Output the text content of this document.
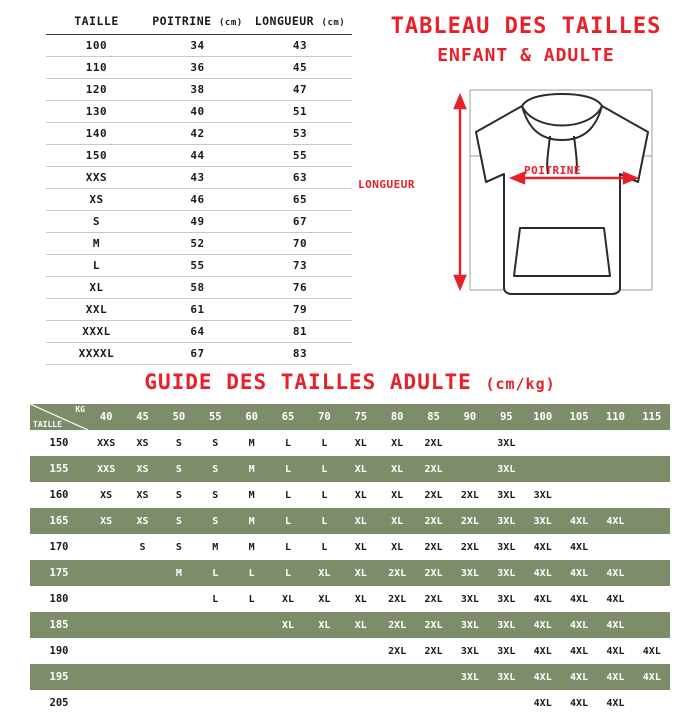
TAILLE	POITRINE (cm)	LONGUEUR (cm)
100	34	43
110	36	45
120	38	47
130	40	51
140	42	53
150	44	55
XXS	43	63
XS	46	65
S	49	67
M	52	70
L	55	73
XL	58	76
XXL	61	79
XXXL	64	81
XXXXL	67	83
TABLEAU DES TAILLES
ENFANT & ADULTE
LONGUEUR
POITRINE
GUIDE DES TAILLES ADULTE (cm/kg)
KG
TAILLE	40	45	50	55	60	65	70	75	80	85	90	95	100	105	110	115
150	XXS	XS	S	S	M	L	L	XL	XL	2XL		3XL				
155	XXS	XS	S	S	M	L	L	XL	XL	2XL		3XL				
160	XS	XS	S	S	M	L	L	XL	XL	2XL	2XL	3XL	3XL			
165	XS	XS	S	S	M	L	L	XL	XL	2XL	2XL	3XL	3XL	4XL	4XL	
170		S	S	M	M	L	L	XL	XL	2XL	2XL	3XL	4XL	4XL		
175			M	L	L	L	XL	XL	2XL	2XL	3XL	3XL	4XL	4XL	4XL	
180				L	L	XL	XL	XL	2XL	2XL	3XL	3XL	4XL	4XL	4XL	
185						XL	XL	XL	2XL	2XL	3XL	3XL	4XL	4XL	4XL	
190									2XL	2XL	3XL	3XL	4XL	4XL	4XL	4XL
195											3XL	3XL	4XL	4XL	4XL	4XL
205													4XL	4XL	4XL	
